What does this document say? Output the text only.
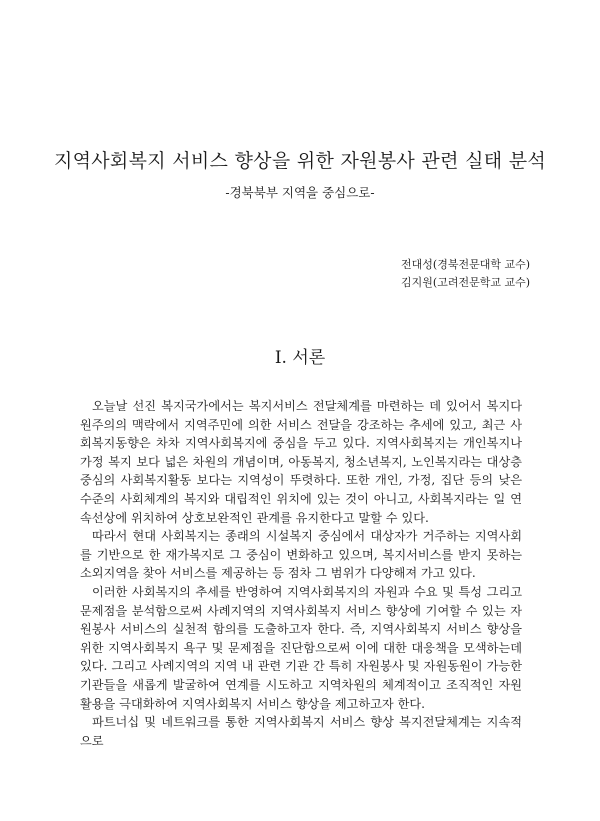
지역사회복지 서비스 향상을 위한 자원봉사 관련 실태 분석
-경북북부 지역을 중심으로-
전대성(경북전문대학 교수)
김지원(고려전문학교 교수)
I. 서론

오늘날 선진 복지국가에서는 복지서비스 전달체계를 마련하는 데 있어서 복지다원주의의 맥락에서 지역주민에 의한 서비스 전달을 강조하는 추세에 있고, 최근 사회복지동향은 차차 지역사회복지에 중심을 두고 있다. 지역사회복지는 개인복지나 가정 복지 보다 넓은 차원의 개념이며, 아동복지, 청소년복지, 노인복지라는 대상층 중심의 사회복지활동 보다는 지역성이 뚜렷하다. 또한 개인, 가정, 집단 등의 낮은 수준의 사회체계의 복지와 대립적인 위치에 있는 것이 아니고, 사회복지라는 일 연속선상에 위치하여 상호보완적인 관계를 유지한다고 말할 수 있다.

따라서 현대 사회복지는 종래의 시설복지 중심에서 대상자가 거주하는 지역사회를 기반으로 한 재가복지로 그 중심이 변화하고 있으며, 복지서비스를 받지 못하는 소외지역을 찾아 서비스를 제공하는 등 점차 그 범위가 다양해져 가고 있다.

이러한 사회복지의 추세를 반영하여 지역사회복지의 자원과 수요 및 특성 그리고 문제점을 분석함으로써 사례지역의 지역사회복지 서비스 향상에 기여할 수 있는 자원봉사 서비스의 실천적 함의를 도출하고자 한다. 즉, 지역사회복지 서비스 향상을 위한 지역사회복지 욕구 및 문제점을 진단함으로써 이에 대한 대응책을 모색하는데 있다. 그리고 사례지역의 지역 내 관련 기관 간 특히 자원봉사 및 자원동원이 가능한 기관들을 새롭게 발굴하여 연계를 시도하고 지역차원의 체계적이고 조직적인 자원 활용을 극대화하여 지역사회복지 서비스 향상을 제고하고자 한다.

파트너십 및 네트워크를 통한 지역사회복지 서비스 향상 복지전달체계는 지속적으로
